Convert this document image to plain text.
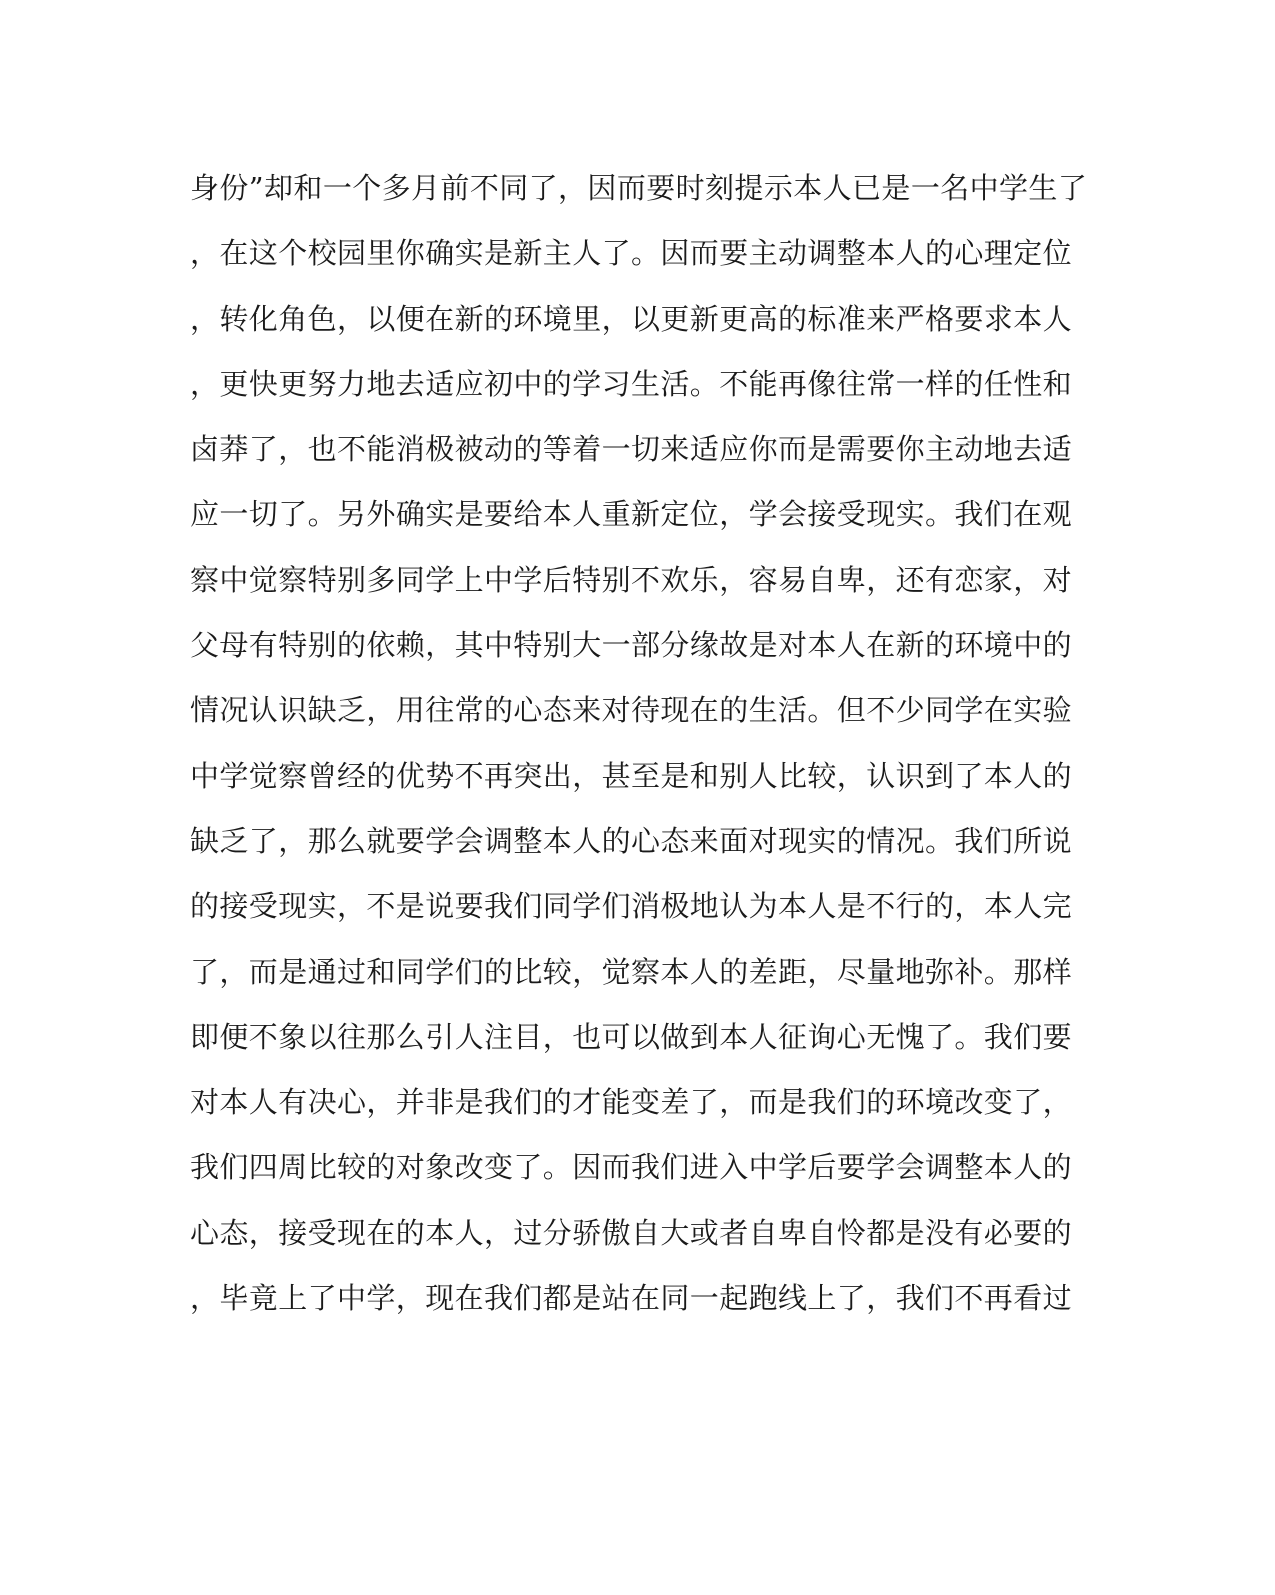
身份”却和一个多月前不同了，因而要时刻提示本人已是一名中学生了
，在这个校园里你确实是新主人了。因而要主动调整本人的心理定位
，转化角色，以便在新的环境里，以更新更高的标准来严格要求本人
，更快更努力地去适应初中的学习生活。不能再像往常一样的任性和
卤莽了，也不能消极被动的等着一切来适应你而是需要你主动地去适
应一切了。另外确实是要给本人重新定位，学会接受现实。我们在观
察中觉察特别多同学上中学后特别不欢乐，容易自卑，还有恋家，对
父母有特别的依赖，其中特别大一部分缘故是对本人在新的环境中的
情况认识缺乏，用往常的心态来对待现在的生活。但不少同学在实验
中学觉察曾经的优势不再突出，甚至是和别人比较，认识到了本人的
缺乏了，那么就要学会调整本人的心态来面对现实的情况。我们所说
的接受现实，不是说要我们同学们消极地认为本人是不行的，本人完
了，而是通过和同学们的比较，觉察本人的差距，尽量地弥补。那样
即便不象以往那么引人注目，也可以做到本人征询心无愧了。我们要
对本人有决心，并非是我们的才能变差了，而是我们的环境改变了，
我们四周比较的对象改变了。因而我们进入中学后要学会调整本人的
心态，接受现在的本人，过分骄傲自大或者自卑自怜都是没有必要的
，毕竟上了中学，现在我们都是站在同一起跑线上了，我们不再看过
